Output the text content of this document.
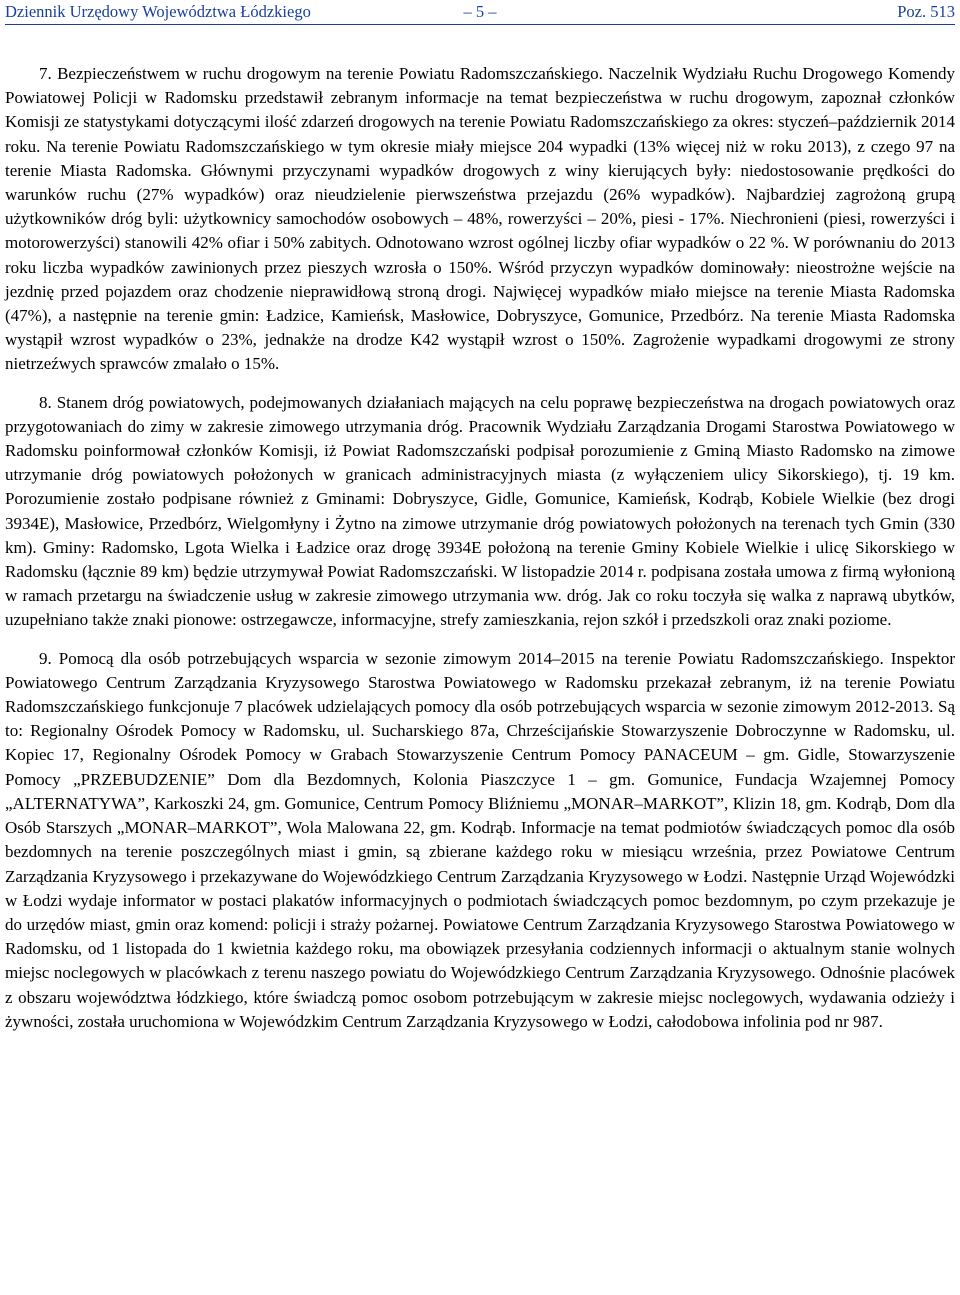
Dziennik Urzędowy Województwa Łódzkiego	– 5 –	Poz. 513

7. Bezpieczeństwem w ruchu drogowym na terenie Powiatu Radomszczańskiego. Naczelnik Wydziału Ruchu Drogowego Komendy Powiatowej Policji w Radomsku przedstawił zebranym informacje na temat bezpieczeństwa w ruchu drogowym, zapoznał członków Komisji ze statystykami dotyczącymi ilość zdarzeń drogowych na terenie Powiatu Radomszczańskiego za okres: styczeń–październik 2014 roku. Na terenie Powiatu Radomszczańskiego w tym okresie miały miejsce 204 wypadki (13% więcej niż w roku 2013), z czego 97 na terenie Miasta Radomska. Głównymi przyczynami wypadków drogowych z winy kierujących były: niedostosowanie prędkości do warunków ruchu (27% wypadków) oraz nieudzielenie pierwszeństwa przejazdu (26% wypadków). Najbardziej zagrożoną grupą użytkowników dróg byli: użytkownicy samochodów osobowych – 48%, rowerzyści – 20%, piesi - 17%. Niechronieni (piesi, rowerzyści i motorowerzyści) stanowili 42% ofiar i 50% zabitych. Odnotowano wzrost ogólnej liczby ofiar wypadków o 22 %. W porównaniu do 2013 roku liczba wypadków zawinionych przez pieszych wzrosła o 150%. Wśród przyczyn wypadków dominowały: nieostrożne wejście na jezdnię przed pojazdem oraz chodzenie nieprawidłową stroną drogi. Najwięcej wypadków miało miejsce na terenie Miasta Radomska (47%), a następnie na terenie gmin: Ładzice, Kamieńsk, Masłowice, Dobryszyce, Gomunice, Przedbórz. Na terenie Miasta Radomska wystąpił wzrost wypadków o 23%, jednakże na drodze K42 wystąpił wzrost o 150%. Zagrożenie wypadkami drogowymi ze strony nietrzeźwych sprawców zmalało o 15%.

8. Stanem dróg powiatowych, podejmowanych działaniach mających na celu poprawę bezpieczeństwa na drogach powiatowych oraz przygotowaniach do zimy w zakresie zimowego utrzymania dróg. Pracownik Wydziału Zarządzania Drogami Starostwa Powiatowego w Radomsku poinformował członków Komisji, iż Powiat Radomszczański podpisał porozumienie z Gminą Miasto Radomsko na zimowe utrzymanie dróg powiatowych położonych w granicach administracyjnych miasta (z wyłączeniem ulicy Sikorskiego), tj. 19 km. Porozumienie zostało podpisane również z Gminami: Dobryszyce, Gidle, Gomunice, Kamieńsk, Kodrąb, Kobiele Wielkie (bez drogi 3934E), Masłowice, Przedbórz, Wielgomłyny i Żytno na zimowe utrzymanie dróg powiatowych położonych na terenach tych Gmin (330 km). Gminy: Radomsko, Lgota Wielka i Ładzice oraz drogę 3934E położoną na terenie Gminy Kobiele Wielkie i ulicę Sikorskiego w Radomsku (łącznie 89 km) będzie utrzymywał Powiat Radomszczański. W listopadzie 2014 r. podpisana została umowa z firmą wyłonioną w ramach przetargu na świadczenie usług w zakresie zimowego utrzymania ww. dróg. Jak co roku toczyła się walka z naprawą ubytków, uzupełniano także znaki pionowe: ostrzegawcze, informacyjne, strefy zamieszkania, rejon szkół i przedszkoli oraz znaki poziome.

9. Pomocą dla osób potrzebujących wsparcia w sezonie zimowym 2014–2015 na terenie Powiatu Radomszczańskiego. Inspektor Powiatowego Centrum Zarządzania Kryzysowego Starostwa Powiatowego w Radomsku przekazał zebranym, iż na terenie Powiatu Radomszczańskiego funkcjonuje 7 placówek udzielających pomocy dla osób potrzebujących wsparcia w sezonie zimowym 2012-2013. Są to: Regionalny Ośrodek Pomocy w Radomsku, ul. Sucharskiego 87a, Chrześcijańskie Stowarzyszenie Dobroczynne w Radomsku, ul. Kopiec 17, Regionalny Ośrodek Pomocy w Grabach Stowarzyszenie Centrum Pomocy PANACEUM – gm. Gidle, Stowarzyszenie Pomocy „PRZEBUDZENIE” Dom dla Bezdomnych, Kolonia Piaszczyce 1 – gm. Gomunice, Fundacja Wzajemnej Pomocy „ALTERNATYWA”, Karkoszki 24, gm. Gomunice, Centrum Pomocy Bliźniemu „MONAR–MARKOT”, Klizin 18, gm. Kodrąb, Dom dla Osób Starszych „MONAR–MARKOT”, Wola Malowana 22, gm. Kodrąb. Informacje na temat podmiotów świadczących pomoc dla osób bezdomnych na terenie poszczególnych miast i gmin, są zbierane każdego roku w miesiącu września, przez Powiatowe Centrum Zarządzania Kryzysowego i przekazywane do Wojewódzkiego Centrum Zarządzania Kryzysowego w Łodzi. Następnie Urząd Wojewódzki w Łodzi wydaje informator w postaci plakatów informacyjnych o podmiotach świadczących pomoc bezdomnym, po czym przekazuje je do urzędów miast, gmin oraz komend: policji i straży pożarnej. Powiatowe Centrum Zarządzania Kryzysowego Starostwa Powiatowego w Radomsku, od 1 listopada do 1 kwietnia każdego roku, ma obowiązek przesyłania codziennych informacji o aktualnym stanie wolnych miejsc noclegowych w placówkach z terenu naszego powiatu do Wojewódzkiego Centrum Zarządzania Kryzysowego. Odnośnie placówek z obszaru województwa łódzkiego, które świadczą pomoc osobom potrzebującym w zakresie miejsc noclegowych, wydawania odzieży i żywności, została uruchomiona w Wojewódzkim Centrum Zarządzania Kryzysowego w Łodzi, całodobowa infolinia pod nr 987.
